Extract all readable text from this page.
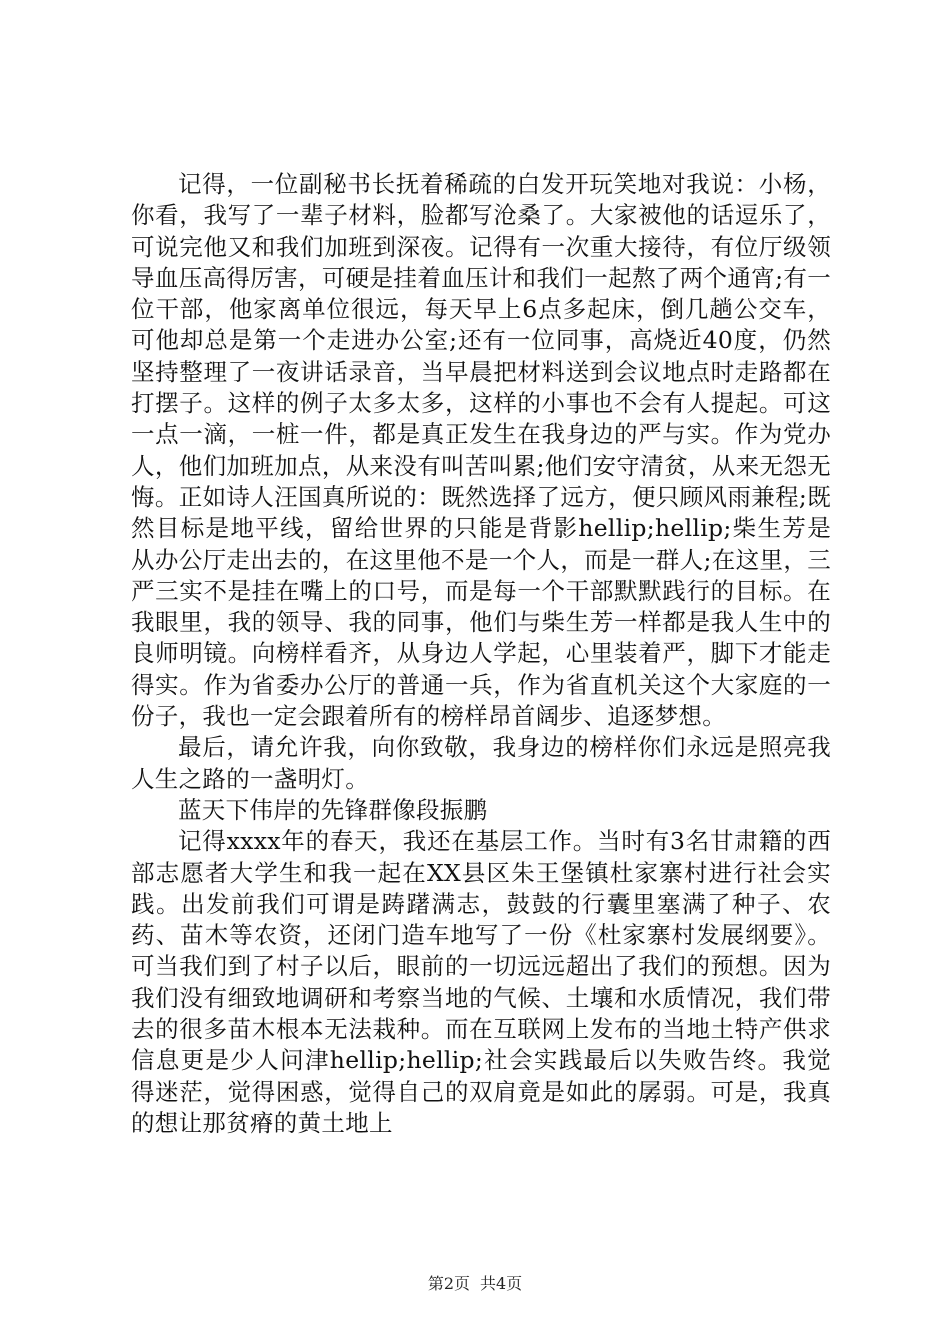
记得，一位副秘书长抚着稀疏的白发开玩笑地对我说：小杨，你看，我写了一辈子材料，脸都写沧桑了。大家被他的话逗乐了，可说完他又和我们加班到深夜。记得有一次重大接待，有位厅级领导血压高得厉害，可硬是挂着血压计和我们一起熬了两个通宵;有一位干部，他家离单位很远，每天早上6点多起床，倒几趟公交车，可他却总是第一个走进办公室;还有一位同事，高烧近40度，仍然坚持整理了一夜讲话录音，当早晨把材料送到会议地点时走路都在打摆子。这样的例子太多太多，这样的小事也不会有人提起。可这一点一滴，一桩一件，都是真正发生在我身边的严与实。作为党办人，他们加班加点，从来没有叫苦叫累;他们安守清贫，从来无怨无悔。正如诗人汪国真所说的：既然选择了远方，便只顾风雨兼程;既然目标是地平线，留给世界的只能是背影hellip;hellip;柴生芳是从办公厅走出去的，在这里他不是一个人，而是一群人;在这里，三严三实不是挂在嘴上的口号，而是每一个干部默默践行的目标。在我眼里，我的领导、我的同事，他们与柴生芳一样都是我人生中的良师明镜。向榜样看齐，从身边人学起，心里装着严，脚下才能走得实。作为省委办公厅的普通一兵，作为省直机关这个大家庭的一份子，我也一定会跟着所有的榜样昂首阔步、追逐梦想。

最后，请允许我，向你致敬，我身边的榜样你们永远是照亮我人生之路的一盏明灯。

蓝天下伟岸的先锋群像段振鹏

记得xxxx年的春天，我还在基层工作。当时有3名甘肃籍的西部志愿者大学生和我一起在XX县区朱王堡镇杜家寨村进行社会实践。出发前我们可谓是踌躇满志，鼓鼓的行囊里塞满了种子、农药、苗木等农资，还闭门造车地写了一份《杜家寨村发展纲要》。可当我们到了村子以后，眼前的一切远远超出了我们的预想。因为我们没有细致地调研和考察当地的气候、土壤和水质情况，我们带去的很多苗木根本无法栽种。而在互联网上发布的当地土特产供求信息更是少人问津hellip;hellip;社会实践最后以失败告终。我觉得迷茫，觉得困惑，觉得自己的双肩竟是如此的孱弱。可是，我真的想让那贫瘠的黄土地上

第2页 共4页
